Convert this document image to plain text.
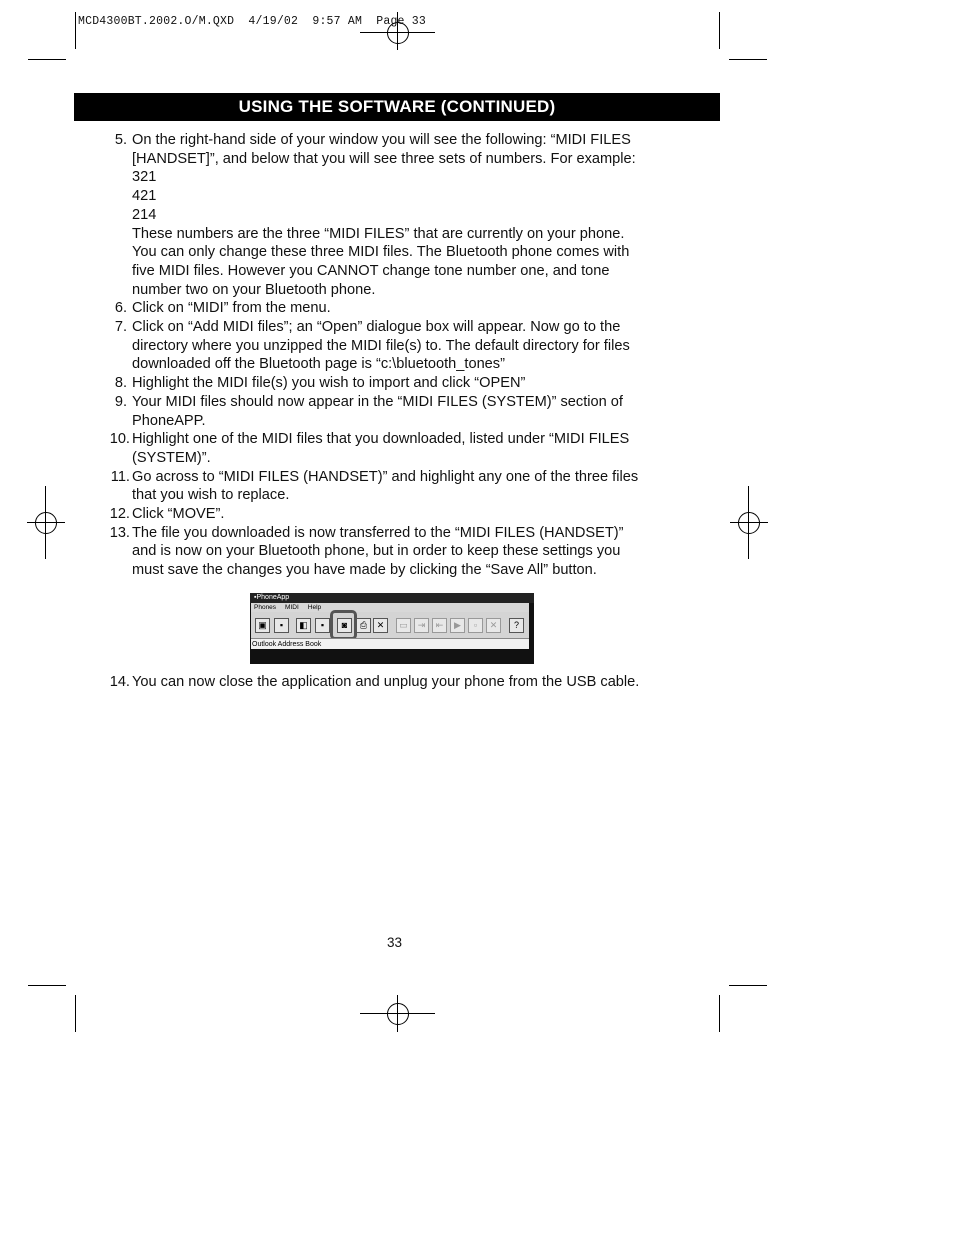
MCD4300BT.2002.O/M.QXD  4/19/02  9:57 AM  Page 33
USING THE SOFTWARE (CONTINUED)
5. On the right-hand side of your window you will see the following: “MIDI FILES
[HANDSET]”, and below that you will see three sets of numbers. For example:
321
421
214
These numbers are the three “MIDI FILES” that are currently on your phone.
You can only change these three MIDI files. The Bluetooth phone comes with
five MIDI files. However you CANNOT change tone number one, and tone
number two on your Bluetooth phone.
6. Click on “MIDI” from the menu.
7. Click on “Add MIDI files”; an “Open” dialogue box will appear. Now go to the
directory where you unzipped the MIDI file(s) to. The default directory for files
downloaded off the Bluetooth page is “c:\bluetooth_tones”
8. Highlight the MIDI file(s) you wish to import and click “OPEN”
9. Your MIDI files should now appear in the “MIDI FILES (SYSTEM)” section of
PhoneAPP.
10. Highlight one of the MIDI files that you downloaded, listed under “MIDI FILES
(SYSTEM)”.
11. Go across to “MIDI FILES (HANDSET)” and highlight any one of the three files
that you wish to replace.
12. Click “MOVE”.
13. The file you downloaded is now transferred to the “MIDI FILES (HANDSET)”
and is now on your Bluetooth phone, but in order to keep these settings you
must save the changes you have made by clicking the “Save All” button.
▪PhoneApp
Phones MIDI Help
▣	▪	◧	▪	◙	⎙	✕	▭	⇥	⇤	▶	▫	✕	?
Outlook Address Book
14. You can now close the application and unplug your phone from the USB cable.
33
